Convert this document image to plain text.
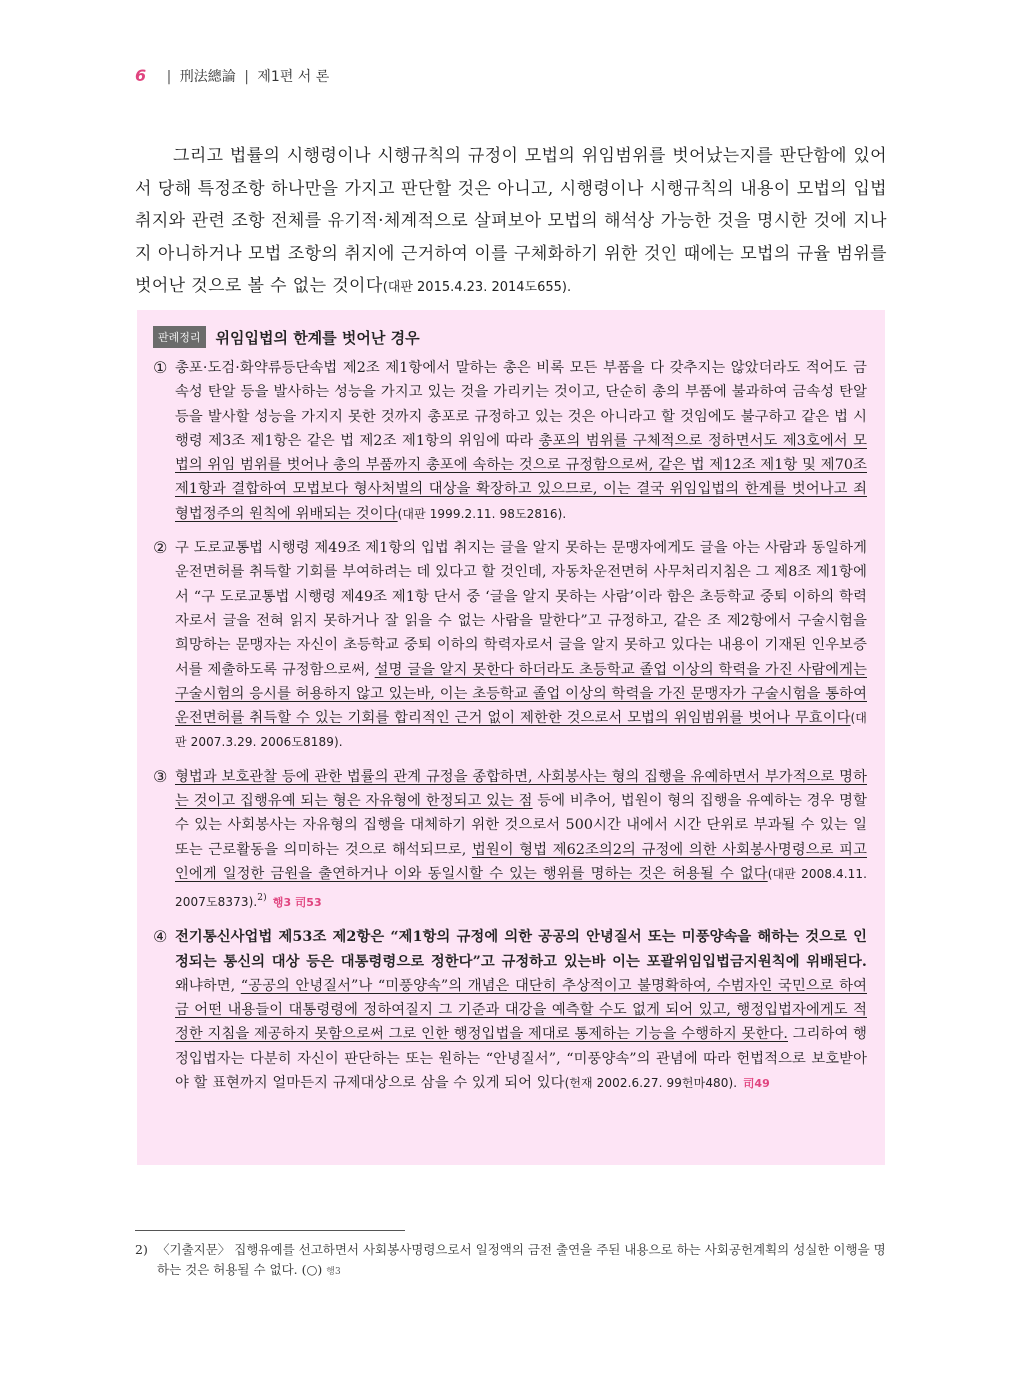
6 | 刑法總論 | 제1편 서 론

그리고 법률의 시행령이나 시행규칙의 규정이 모법의 위임범위를 벗어났는지를 판단함에 있어서 당해 특정조항 하나만을 가지고 판단할 것은 아니고, 시행령이나 시행규칙의 내용이 모법의 입법 취지와 관련 조항 전체를 유기적·체계적으로 살펴보아 모법의 해석상 가능한 것을 명시한 것에 지나지 아니하거나 모법 조항의 취지에 근거하여 이를 구체화하기 위한 것인 때에는 모법의 규율 범위를 벗어난 것으로 볼 수 없는 것이다(대판 2015.4.23. 2014도655).

판례정리	위임입법의 한계를 벗어난 경우
① 총포·도검·화약류등단속법 제2조 제1항에서 말하는 총은 비록 모든 부품을 다 갖추지는 않았더라도 적어도 금속성 탄알 등을 발사하는 성능을 가지고 있는 것을 가리키는 것이고, 단순히 총의 부품에 불과하여 금속성 탄알 등을 발사할 성능을 가지지 못한 것까지 총포로 규정하고 있는 것은 아니라고 할 것임에도 불구하고 같은 법 시행령 제3조 제1항은 같은 법 제2조 제1항의 위임에 따라 총포의 범위를 구체적으로 정하면서도 제3호에서 모법의 위임 범위를 벗어나 총의 부품까지 총포에 속하는 것으로 규정함으로써, 같은 법 제12조 제1항 및 제70조 제1항과 결합하여 모법보다 형사처벌의 대상을 확장하고 있으므로, 이는 결국 위임입법의 한계를 벗어나고 죄형법정주의 원칙에 위배되는 것이다(대판 1999.2.11. 98도2816).
② 구 도로교통법 시행령 제49조 제1항의 입법 취지는 글을 알지 못하는 문맹자에게도 글을 아는 사람과 동일하게 운전면허를 취득할 기회를 부여하려는 데 있다고 할 것인데, 자동차운전면허 사무처리지침은 그 제8조 제1항에서 “구 도로교통법 시행령 제49조 제1항 단서 중 ‘글을 알지 못하는 사람’이라 함은 초등학교 중퇴 이하의 학력자로서 글을 전혀 읽지 못하거나 잘 읽을 수 없는 사람을 말한다”고 규정하고, 같은 조 제2항에서 구술시험을 희망하는 문맹자는 자신이 초등학교 중퇴 이하의 학력자로서 글을 알지 못하고 있다는 내용이 기재된 인우보증서를 제출하도록 규정함으로써, 설명 글을 알지 못한다 하더라도 초등학교 졸업 이상의 학력을 가진 사람에게는 구술시험의 응시를 허용하지 않고 있는바, 이는 초등학교 졸업 이상의 학력을 가진 문맹자가 구술시험을 통하여 운전면허를 취득할 수 있는 기회를 합리적인 근거 없이 제한한 것으로서 모법의 위임범위를 벗어나 무효이다(대판 2007.3.29. 2006도8189).
③ 형법과 보호관찰 등에 관한 법률의 관계 규정을 종합하면, 사회봉사는 형의 집행을 유예하면서 부가적으로 명하는 것이고 집행유예 되는 형은 자유형에 한정되고 있는 점 등에 비추어, 법원이 형의 집행을 유예하는 경우 명할 수 있는 사회봉사는 자유형의 집행을 대체하기 위한 것으로서 500시간 내에서 시간 단위로 부과될 수 있는 일 또는 근로활동을 의미하는 것으로 해석되므로, 법원이 형법 제62조의2의 규정에 의한 사회봉사명령으로 피고인에게 일정한 금원을 출연하거나 이와 동일시할 수 있는 행위를 명하는 것은 허용될 수 없다(대판 2008.4.11. 2007도8373).$^{2)}$ 행3 司53
④ 전기통신사업법 제53조 제2항은 “제1항의 규정에 의한 공공의 안녕질서 또는 미풍양속을 해하는 것으로 인정되는 통신의 대상 등은 대통령령으로 정한다”고 규정하고 있는바 이는 포괄위임입법금지원칙에 위배된다. 왜냐하면, “공공의 안녕질서”나 “미풍양속”의 개념은 대단히 추상적이고 불명확하여, 수범자인 국민으로 하여금 어떤 내용들이 대통령령에 정하여질지 그 기준과 대강을 예측할 수도 없게 되어 있고, 행정입법자에게도 적정한 지침을 제공하지 못함으로써 그로 인한 행정입법을 제대로 통제하는 기능을 수행하지 못한다. 그리하여 행정입법자는 다분히 자신이 판단하는 또는 원하는 “안녕질서”, “미풍양속”의 관념에 따라 헌법적으로 보호받아야 할 표현까지 얼마든지 규제대상으로 삼을 수 있게 되어 있다(헌재 2002.6.27. 99헌마480). 司49
2) 〈기출지문〉 집행유예를 선고하면서 사회봉사명령으로서 일정액의 금전 출연을 주된 내용으로 하는 사회공헌계획의 성실한 이행을 명하는 것은 허용될 수 없다. (○) 행3
